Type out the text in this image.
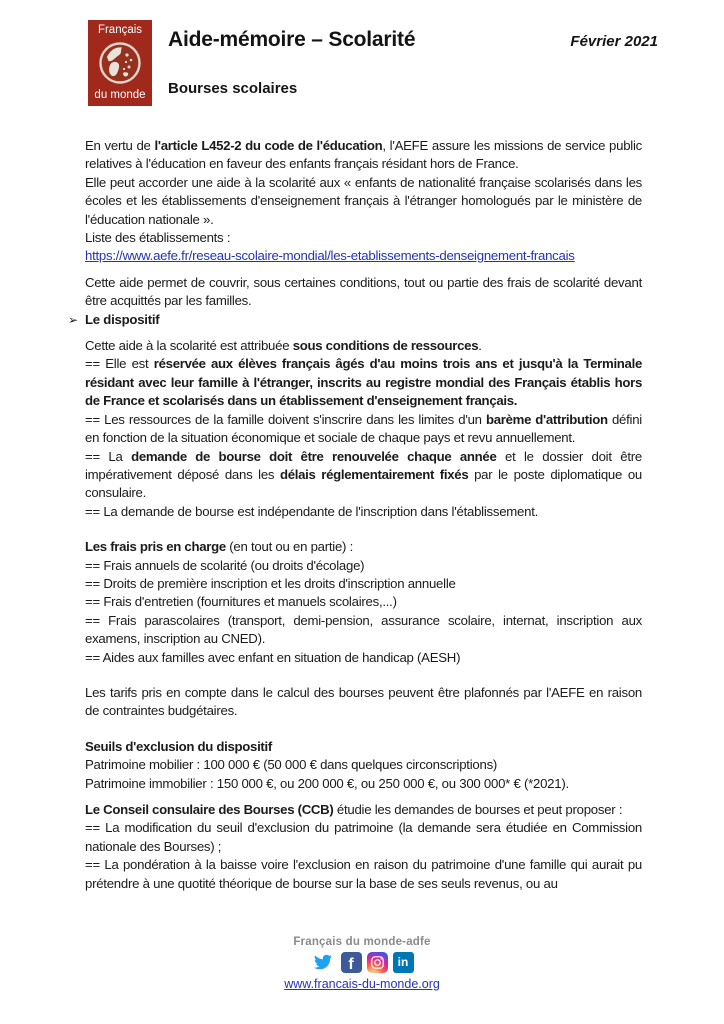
Français
du monde
Aide-mémoire – Scolarité	Février 2021
Bourses scolaires

En vertu de l'article L452-2 du code de l'éducation, l'AEFE assure les missions de service public relatives à l'éducation en faveur des enfants français résidant hors de France.
Elle peut accorder une aide à la scolarité aux « enfants de nationalité française scolarisés dans les écoles et les établissements d'enseignement français à l'étranger homologués par le ministère de l'éducation nationale ».
Liste des établissements :

https://www.aefe.fr/reseau-scolaire-mondial/les-etablissements-denseignement-francais

Cette aide permet de couvrir, sous certaines conditions, tout ou partie des frais de scolarité devant être acquittés par les familles.

➢ Le dispositif

Cette aide à la scolarité est attribuée sous conditions de ressources.

== Elle est réservée aux élèves français âgés d'au moins trois ans et jusqu'à la Terminale résidant avec leur famille à l'étranger, inscrits au registre mondial des Français établis hors de France et scolarisés dans un établissement d'enseignement français.

== Les ressources de la famille doivent s'inscrire dans les limites d'un barème d'attribution défini en fonction de la situation économique et sociale de chaque pays et revu annuellement.

== La demande de bourse doit être renouvelée chaque année et le dossier doit être impérativement déposé dans les délais réglementairement fixés par le poste diplomatique ou consulaire.

== La demande de bourse est indépendante de l'inscription dans l'établissement.

Les frais pris en charge (en tout ou en partie) :
== Frais annuels de scolarité (ou droits d'écolage)
== Droits de première inscription et les droits d'inscription annuelle
== Frais d'entretien (fournitures et manuels scolaires,...)
== Frais parascolaires (transport, demi-pension, assurance scolaire, internat, inscription aux examens, inscription au CNED).
== Aides aux familles avec enfant en situation de handicap (AESH)

Les tarifs pris en compte dans le calcul des bourses peuvent être plafonnés par l'AEFE en raison de contraintes budgétaires.

Seuils d'exclusion du dispositif
Patrimoine mobilier : 100 000 € (50 000 € dans quelques circonscriptions)
Patrimoine immobilier : 150 000 €, ou 200 000 €, ou 250 000 €, ou 300 000* € (*2021).

Le Conseil consulaire des Bourses (CCB) étudie les demandes de bourses et peut proposer :
== La modification du seuil d'exclusion du patrimoine (la demande sera étudiée en Commission nationale des Bourses) ;
== La pondération à la baisse voire l'exclusion en raison du patrimoine d'une famille qui aurait pu prétendre à une quotité théorique de bourse sur la base de ses seuls revenus, ou au

Français du monde-adfe
f	in
www.francais-du-monde.org
